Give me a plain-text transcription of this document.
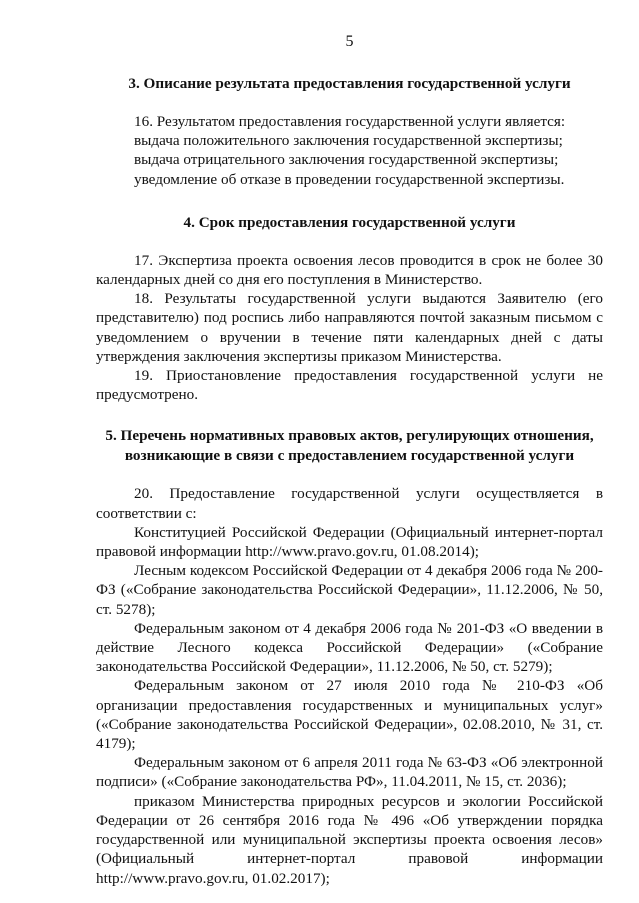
5
3. Описание результата предоставления государственной услуги
16. Результатом предоставления государственной услуги является:
выдача положительного заключения государственной экспертизы;
выдача отрицательного заключения государственной экспертизы;
уведомление об отказе в проведении государственной экспертизы.
4. Срок предоставления государственной услуги
17. Экспертиза проекта освоения лесов проводится в срок не более 30 календарных дней со дня его поступления в Министерство.
18. Результаты государственной услуги выдаются Заявителю (его представителю) под роспись либо направляются почтой заказным письмом с уведомлением о вручении в течение пяти календарных дней с даты утверждения заключения экспертизы приказом Министерства.
19. Приостановление предоставления государственной услуги не предусмотрено.
5. Перечень нормативных правовых актов, регулирующих отношения, возникающие в связи с предоставлением государственной услуги
20. Предоставление государственной услуги осуществляется в соответствии с:
Конституцией Российской Федерации (Официальный интернет-портал правовой информации http://www.pravo.gov.ru, 01.08.2014);
Лесным кодексом Российской Федерации от 4 декабря 2006 года № 200-ФЗ («Собрание законодательства Российской Федерации», 11.12.2006, № 50, ст. 5278);
Федеральным законом от 4 декабря 2006 года № 201-ФЗ «О введении в действие Лесного кодекса Российской Федерации» («Собрание законодательства Российской Федерации», 11.12.2006, № 50, ст. 5279);
Федеральным законом от 27 июля 2010 года № 210-ФЗ «Об организации предоставления государственных и муниципальных услуг» («Собрание законодательства Российской Федерации», 02.08.2010, № 31, ст. 4179);
Федеральным законом от 6 апреля 2011 года № 63-ФЗ «Об электронной подписи» («Собрание законодательства РФ», 11.04.2011, № 15, ст. 2036);
приказом Министерства природных ресурсов и экологии Российской Федерации от 26 сентября 2016 года № 496 «Об утверждении порядка государственной или муниципальной экспертизы проекта освоения лесов» (Официальный интернет-портал правовой информации http://www.pravo.gov.ru, 01.02.2017);
